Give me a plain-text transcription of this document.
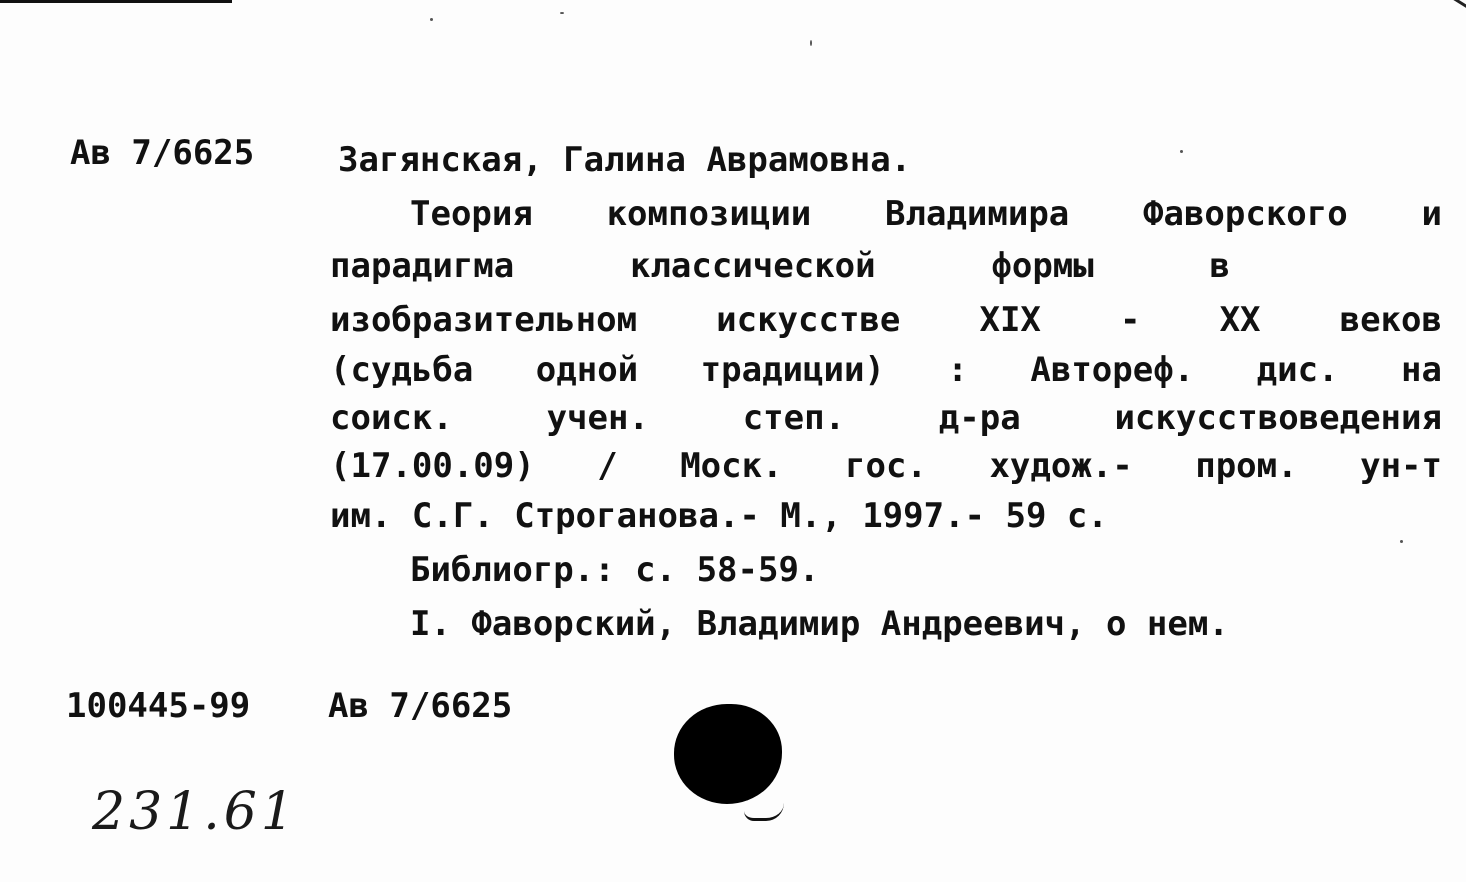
Ав 7/6625 Загянская, Галина Аврамовна.
Теория композиции Владимира Фаворского и
парадигма	классической	формы	в
изобразительном искусстве XIX - XX веков
(судьба одной традиции) : Автореф. дис. на
соиск.	учен.	степ.	д-ра	искусствоведения
(17.00.09) / Моск. гос. худож.- пром. ун-т
им. С.Г. Строганова.- М., 1997.- 59 с.
Библиогр.: с. 58-59.
I. Фаворский, Владимир Андреевич, о нем.
100445-99 Ав 7/6625
231.61
